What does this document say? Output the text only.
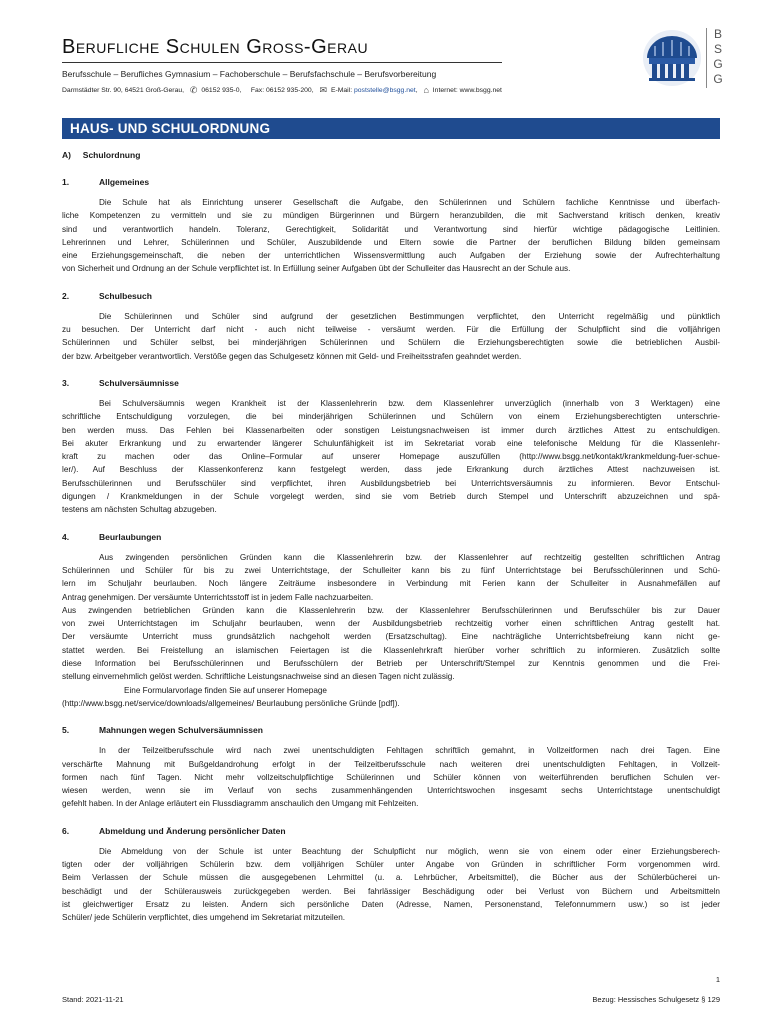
Berufliche Schulen Gross-Gerau
Berufsschule – Berufliches Gymnasium – Fachoberschule – Berufsfachschule – Berufsvorbereitung
Darmstädter Str. 90, 64521 Groß-Gerau, ✆ 06152 935-0, Fax: 06152 935-200, ✉ E-Mail: poststelle@bsgg.net, ⌂ Internet: www.bsgg.net
B
S
G
G
HAUS- UND SCHULORDNUNG
A)     Schulordnung
1.	Allgemeines
Die Schule hat als Einrichtung unserer Gesellschaft die Aufgabe, den Schülerinnen und Schülern fachliche Kenntnisse und überfach-
liche Kompetenzen zu vermitteln und sie zu mündigen Bürgerinnen und Bürgern heranzubilden, die mit Sachverstand kritisch denken, kreativ
sind und verantwortlich handeln. Toleranz, Gerechtigkeit, Solidarität und Verantwortung sind hierfür wichtige pädagogische Leitlinien.
Lehrerinnen und Lehrer, Schülerinnen und Schüler, Auszubildende und Eltern sowie die Partner der beruflichen Bildung bilden gemeinsam
eine Erziehungsgemeinschaft, die neben der unterrichtlichen Wissensvermittlung auch Aufgaben der Erziehung sowie der Aufrechterhaltung
von Sicherheit und Ordnung an der Schule verpflichtet ist. In Erfüllung seiner Aufgaben übt der Schulleiter das Hausrecht an der Schule aus.
2.	Schulbesuch
Die Schülerinnen und Schüler sind aufgrund der gesetzlichen Bestimmungen verpflichtet, den Unterricht regelmäßig und pünktlich
zu besuchen. Der Unterricht darf nicht - auch nicht teilweise - versäumt werden. Für die Erfüllung der Schulpflicht sind die volljährigen
Schülerinnen und Schüler selbst, bei minderjährigen Schülerinnen und Schülern die Erziehungsberechtigten sowie die betrieblichen Ausbil-
der bzw. Arbeitgeber verantwortlich. Verstöße gegen das Schulgesetz können mit Geld- und Freiheitsstrafen geahndet werden.
3.	Schulversäumnisse
Bei Schulversäumnis wegen Krankheit ist der Klassenlehrerin bzw. dem Klassenlehrer unverzüglich (innerhalb von 3 Werktagen) eine
schriftliche Entschuldigung vorzulegen, die bei minderjährigen Schülerinnen und Schülern von einem Erziehungsberechtigten unterschrie-
ben werden muss. Das Fehlen bei Klassenarbeiten oder sonstigen Leistungsnachweisen ist immer durch ärztliches Attest zu entschuldigen.
Bei akuter Erkrankung und zu erwartender längerer Schulunfähigkeit ist im Sekretariat vorab eine telefonische Meldung für die Klassenlehr-
kraft zu machen oder das Online–Formular auf unserer Homepage auszufüllen (http://www.bsgg.net/kontakt/krankmeldung-fuer-schue-
ler/). Auf Beschluss der Klassenkonferenz kann festgelegt werden, dass jede Erkrankung durch ärztliches Attest nachzuweisen ist.
Berufsschülerinnen und Berufsschüler sind verpflichtet, ihren Ausbildungsbetrieb bei Unterrichtsversäumnis zu informieren. Bevor Entschul-
digungen / Krankmeldungen in der Schule vorgelegt werden, sind sie vom Betrieb durch Stempel und Unterschrift abzuzeichnen und spä-
testens am nächsten Schultag abzugeben.
4.	Beurlaubungen
Aus zwingenden persönlichen Gründen kann die Klassenlehrerin bzw. der Klassenlehrer auf rechtzeitig gestellten schriftlichen Antrag
Schülerinnen und Schüler für bis zu zwei Unterrichtstage, der Schulleiter kann bis zu fünf Unterrichtstage bei Berufsschülerinnen und Schü-
lern im Schuljahr beurlauben. Noch längere Zeiträume insbesondere in Verbindung mit Ferien kann der Schulleiter in Ausnahmefällen auf
Antrag genehmigen. Der versäumte Unterrichtsstoff ist in jedem Falle nachzuarbeiten.
Aus zwingenden betrieblichen Gründen kann die Klassenlehrerin bzw. der Klassenlehrer Berufsschülerinnen und Berufsschüler bis zur Dauer
von zwei Unterrichtstagen im Schuljahr beurlauben, wenn der Ausbildungsbetrieb rechtzeitig vorher einen schriftlichen Antrag gestellt hat.
Der versäumte Unterricht muss grundsätzlich nachgeholt werden (Ersatzschultag). Eine nachträgliche Unterrichtsbefreiung kann nicht ge-
stattet werden. Bei Freistellung an islamischen Feiertagen ist die Klassenlehrkraft hierüber vorher schriftlich zu informieren. Zusätzlich sollte
diese Information bei Berufsschülerinnen und Berufsschülern der Betrieb per Unterschrift/Stempel zur Kenntnis genommen und die Frei-
stellung einvernehmlich gelöst werden. Schriftliche Leistungsnachweise sind an diesen Tagen nicht zulässig.
Eine Formularvorlage finden Sie auf unserer Homepage
(http://www.bsgg.net/service/downloads/allgemeines/ Beurlaubung persönliche Gründe [pdf]).
5.	Mahnungen wegen Schulversäumnissen
In der Teilzeitberufsschule wird nach zwei unentschuldigten Fehltagen schriftlich gemahnt, in Vollzeitformen nach drei Tagen. Eine
verschärfte Mahnung mit Bußgeldandrohung erfolgt in der Teilzeitberufsschule nach weiteren drei unentschuldigten Fehltagen, in Vollzeit-
formen nach fünf Tagen. Nicht mehr vollzeitschulpflichtige Schülerinnen und Schüler können von weiterführenden beruflichen Schulen ver-
wiesen werden, wenn sie im Verlauf von sechs zusammenhängenden Unterrichtswochen insgesamt sechs Unterrichtstage unentschuldigt
gefehlt haben. In der Anlage erläutert ein Flussdiagramm anschaulich den Umgang mit Fehlzeiten.
6.	Abmeldung und Änderung persönlicher Daten
Die Abmeldung von der Schule ist unter Beachtung der Schulpflicht nur möglich, wenn sie von einem oder einer Erziehungsberech-
tigten oder der volljährigen Schülerin bzw. dem volljährigen Schüler unter Angabe von Gründen in schriftlicher Form vorgenommen wird.
Beim Verlassen der Schule müssen die ausgegebenen Lehrmittel (u. a. Lehrbücher, Arbeitsmittel), die Bücher aus der Schülerbücherei un-
beschädigt und der Schülerausweis zurückgegeben werden. Bei fahrlässiger Beschädigung oder bei Verlust von Büchern und Arbeitsmitteln
ist gleichwertiger Ersatz zu leisten. Ändern sich persönliche Daten (Adresse, Namen, Personenstand, Telefonnummern usw.) so ist jeder
Schüler/ jede Schülerin verpflichtet, dies umgehend im Sekretariat mitzuteilen.
1
Stand: 2021-11-21	Bezug: Hessisches Schulgesetz § 129
